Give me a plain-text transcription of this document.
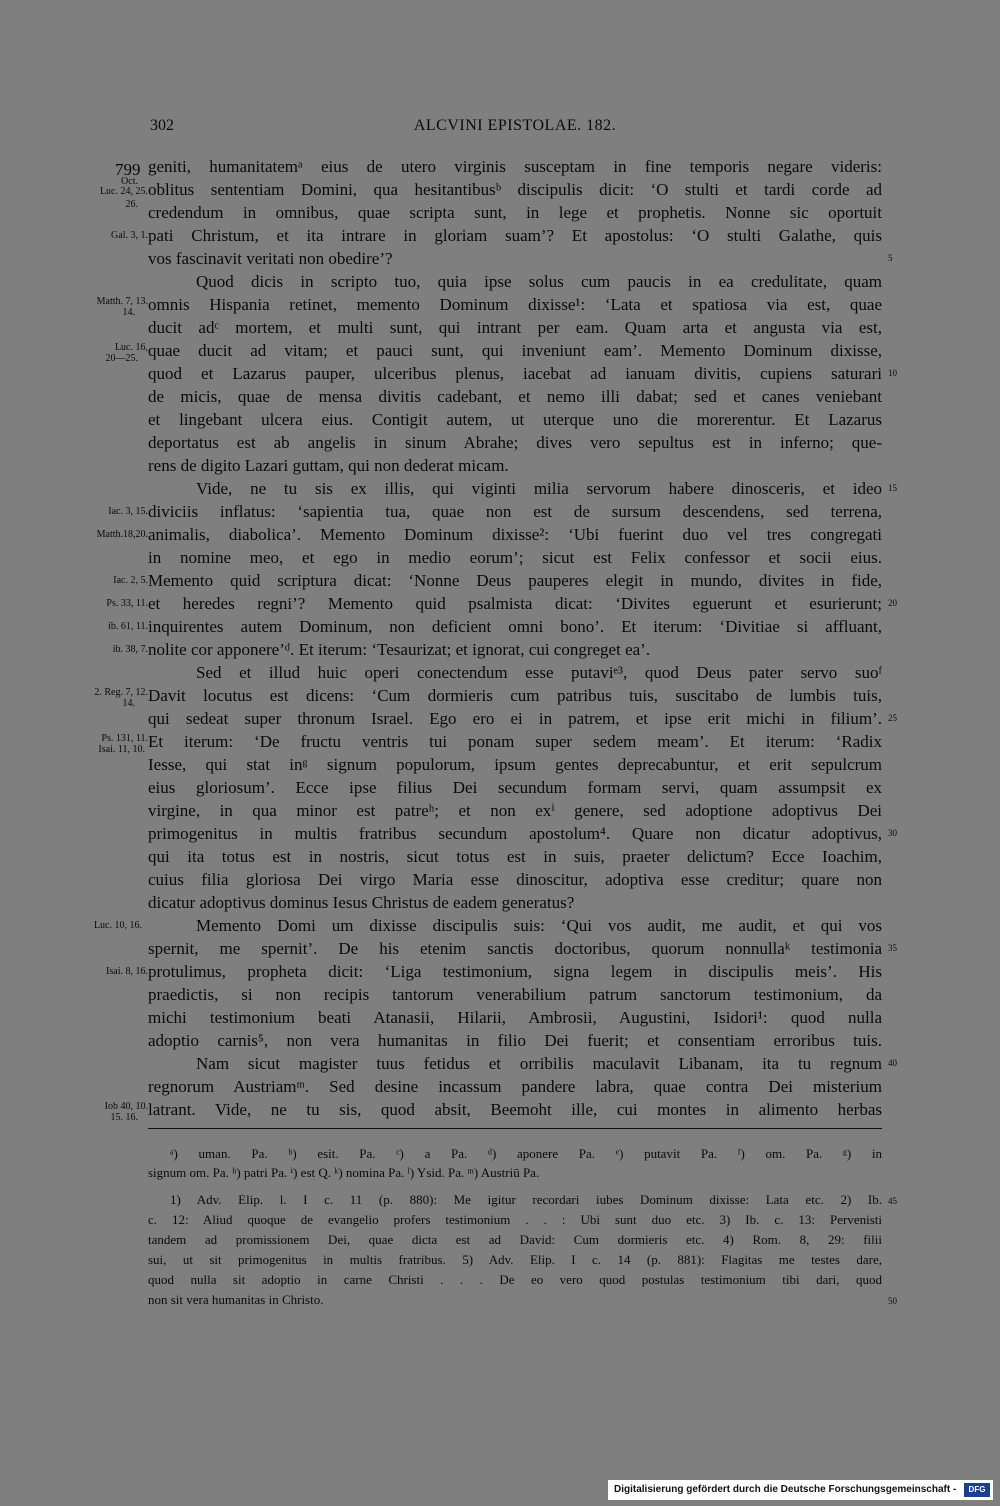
302	ALCVINI EPISTOLAE. 182.
799 geniti, humanitatemᵃ eius de utero virginis susceptam in fine temporis negare videris:
oblitus sententiam Domini, qua hesitantibusᵇ discipulis dicit: ‘O stulti et tardi corde ad
credendum in omnibus, quae scripta sunt, in lege et prophetis. Nonne sic oportuit
pati Christum, et ita intrare in gloriam suam’? Et apostolus: ‘O stulti Galathe, quis
vos fascinavit veritati non obedire’?
Quod dicis in scripto tuo, quia ipse solus cum paucis in ea credulitate, quam
omnis Hispania retinet, memento Dominum dixisse¹: ‘Lata et spatiosa via est, quae
ducit adᶜ mortem, et multi sunt, qui intrant per eam. Quam arta et angusta via est,
quae ducit ad vitam; et pauci sunt, qui inveniunt eam’. Memento Dominum dixisse,
quod et Lazarus pauper, ulceribus plenus, iacebat ad ianuam divitis, cupiens saturari
de micis, quae de mensa divitis cadebant, et nemo illi dabat; sed et canes veniebant
et lingebant ulcera eius. Contigit autem, ut uterque uno die morerentur. Et Lazarus
deportatus est ab angelis in sinum Abrahe; dives vero sepultus est in inferno; que-
rens de digito Lazari guttam, qui non dederat micam.
Vide, ne tu sis ex illis, qui viginti milia servorum habere dinosceris, et ideo
diviciis inflatus: ‘sapientia tua, quae non est de sursum descendens, sed terrena,
animalis, diabolica’. Memento Dominum dixisse²: ‘Ubi fuerint duo vel tres congregati
in nomine meo, et ego in medio eorum’; sicut est Felix confessor et socii eius.
Memento quid scriptura dicat: ‘Nonne Deus pauperes elegit in mundo, divites in fide,
et heredes regni’? Memento quid psalmista dicat: ‘Divites eguerunt et esurierunt;
inquirentes autem Dominum, non deficient omni bono’. Et iterum: ‘Divitiae si affluant,
nolite cor apponere’ᵈ. Et iterum: ‘Tesaurizat; et ignorat, cui congreget ea’.
Sed et illud huic operi conectendum esse putaviᵉ³, quod Deus pater servo suoᶠ
Davit locutus est dicens: ‘Cum dormieris cum patribus tuis, suscitabo de lumbis tuis,
qui sedeat super thronum Israel. Ego ero ei in patrem, et ipse erit michi in filium’.
Et iterum: ‘De fructu ventris tui ponam super sedem meam’. Et iterum: ‘Radix
Iesse, qui stat inᵍ signum populorum, ipsum gentes deprecabuntur, et erit sepulcrum
eius gloriosum’. Ecce ipse filius Dei secundum formam servi, quam assumpsit ex
virgine, in qua minor est patreʰ; et non exⁱ genere, sed adoptione adoptivus Dei
primogenitus in multis fratribus secundum apostolum⁴. Quare non dicatur adoptivus,
qui ita totus est in nostris, sicut totus est in suis, praeter delictum? Ecce Ioachim,
cuius filia gloriosa Dei virgo Maria esse dinoscitur, adoptiva esse creditur; quare non
dicatur adoptivus dominus Iesus Christus de eadem generatus?
Memento Domi um dixisse discipulis suis: ‘Qui vos audit, me audit, et qui vos
spernit, me spernit’. De his etenim sanctis doctoribus, quorum nonnullaᵏ testimonia
protulimus, propheta dicit: ‘Liga testimonium, signa legem in discipulis meis’. His
praedictis, si non recipis tantorum venerabilium patrum sanctorum testimonium, da
michi testimonium beati Atanasii, Hilarii, Ambrosii, Augustini, Isidori¹: quod nulla
adoptio carnis⁵, non vera humanitas in filio Dei fuerit; et consentiam erroribus tuis.
Nam sicut magister tuus fetidus et orribilis maculavit Libanam, ita tu regnum
regnorum Austriamᵐ. Sed desine incassum pandere labra, quae contra Dei misterium
latrant. Vide, ne tu sis, quod absit, Beemoht ille, cui montes in alimento herbas
Oct.
Luc. 24, 25.
26.
Gal. 3, 1.
Matth. 7, 13.
14.
Luc. 16,
20—25.
Iac. 3, 15.
Matth.18,20.
Iac. 2, 5.
Ps. 33, 11.
ib. 61, 11.
ib. 38, 7.
2. Reg. 7, 12.
14.
Ps. 131, 11.
Isai. 11, 10.
Luc. 10, 16.
Isai. 8, 16.
Iob 40, 10.
15. 16.
5
10
15
20
25
30
35
40
ᵃ) uman. Pa. ᵇ) esit. Pa. ᶜ) a Pa. ᵈ) aponere Pa. ᵉ) putavit Pa. ᶠ) om. Pa. ᵍ) in
signum om. Pa. ʰ) patri Pa. ⁱ) est Q. ᵏ) nomina Pa. ˡ) Ysid. Pa. ᵐ) Austriū Pa.
1) Adv. Elip. l. I c. 11 (p. 880): Me igitur recordari iubes Dominum dixisse: Lata etc. 2) Ib.
c. 12: Aliud quoque de evangelio profers testimonium . . : Ubi sunt duo etc. 3) Ib. c. 13: Pervenisti
tandem ad promissionem Dei, quae dicta est ad David: Cum dormieris etc. 4) Rom. 8, 29: filii
sui, ut sit primogenitus in multis fratribus. 5) Adv. Elip. I c. 14 (p. 881): Flagitas me testes dare,
quod nulla sit adoptio in carne Christi . . . De eo vero quod postulas testimonium tibi dari, quod
non sit vera humanitas in Christo.
45
50
Digitalisierung gefördert durch die Deutsche Forschungsgemeinschaft -	DFG
